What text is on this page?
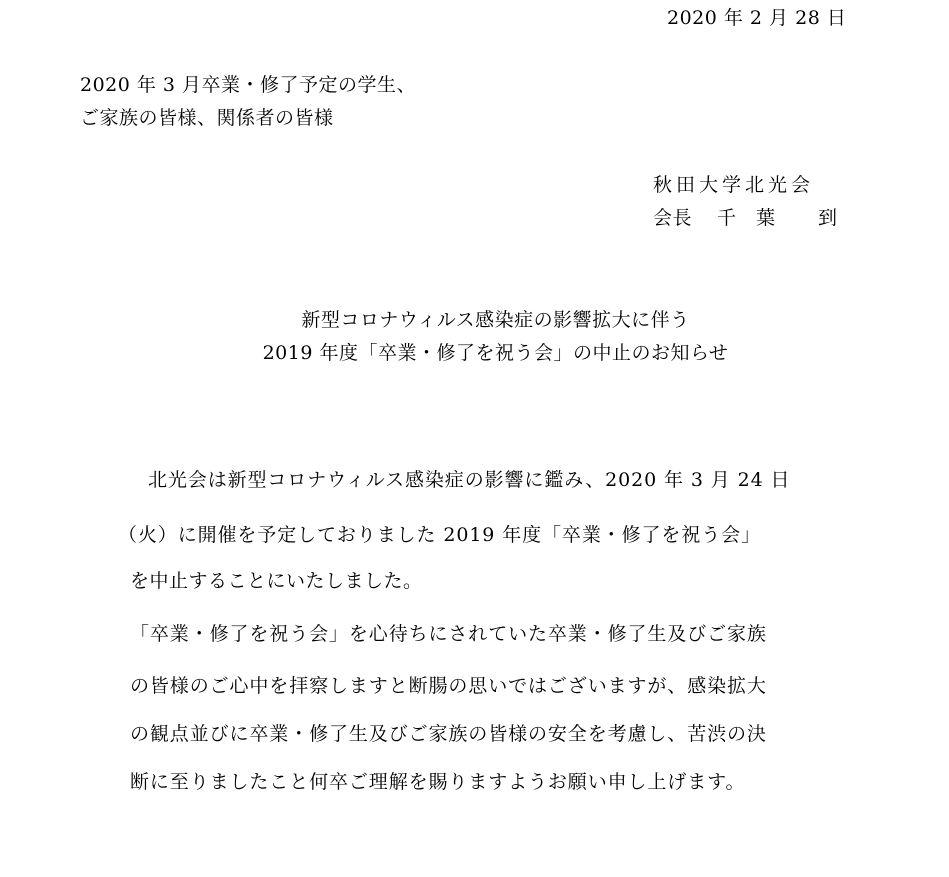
2020 年 2 月 28 日
2020 年 3 月卒業・修了予定の学生、
ご家族の皆様、関係者の皆様
秋田大学北光会
会長 千 葉 到
新型コロナウィルス感染症の影響拡大に伴う
2019 年度「卒業・修了を祝う会」の中止のお知らせ
北光会は新型コロナウィルス感染症の影響に鑑み、2020 年 3 月 24 日
（火）に開催を予定しておりました 2019 年度「卒業・修了を祝う会」
を中止することにいたしました。
「卒業・修了を祝う会」を心待ちにされていた卒業・修了生及びご家族
の皆様のご心中を拝察しますと断腸の思いではございますが、感染拡大
の観点並びに卒業・修了生及びご家族の皆様の安全を考慮し、苦渋の決
断に至りましたこと何卒ご理解を賜りますようお願い申し上げます。
